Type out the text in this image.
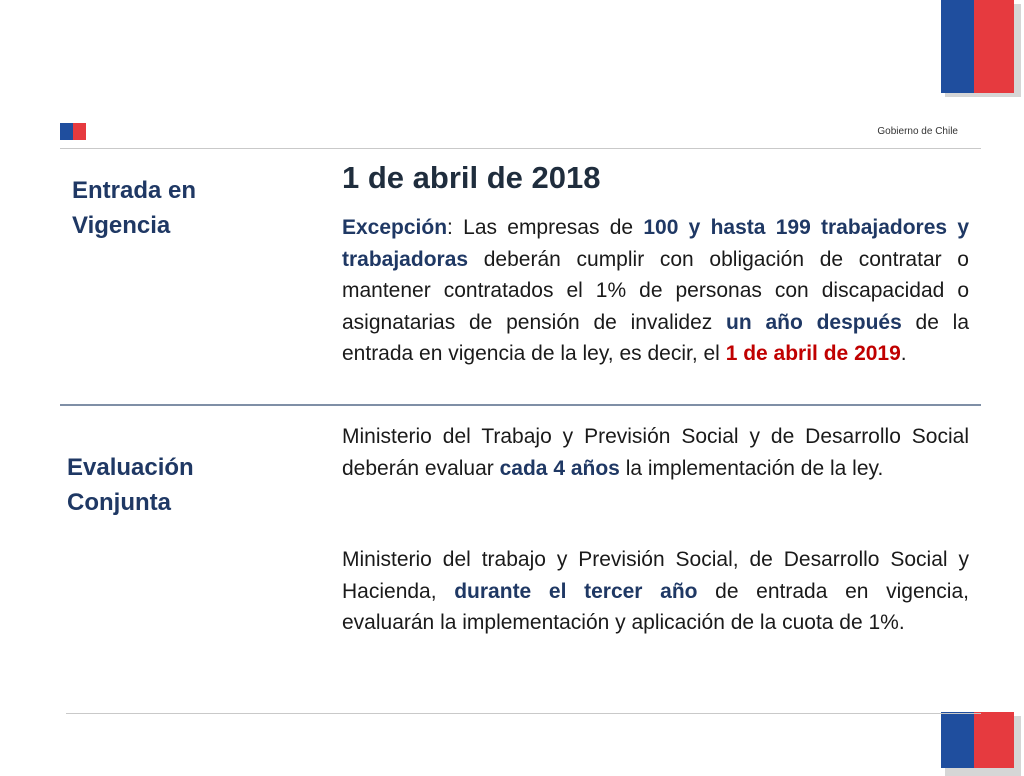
Gobierno de Chile
Entrada en
Vigencia
1 de abril de 2018
Excepción: Las empresas de 100 y hasta 199 trabajadores y trabajadoras deberán cumplir con obligación de contratar o mantener contratados el 1% de personas con discapacidad o asignatarias de pensión de invalidez un año después de la entrada en vigencia de la ley, es decir, el 1 de abril de 2019.
Evaluación
Conjunta
Ministerio del Trabajo y Previsión Social y de Desarrollo Social deberán evaluar cada 4 años la implementación de la ley.
Ministerio del trabajo y Previsión Social, de Desarrollo Social y Hacienda, durante el tercer año de entrada en vigencia, evaluarán la implementación y aplicación de la cuota de 1%.
